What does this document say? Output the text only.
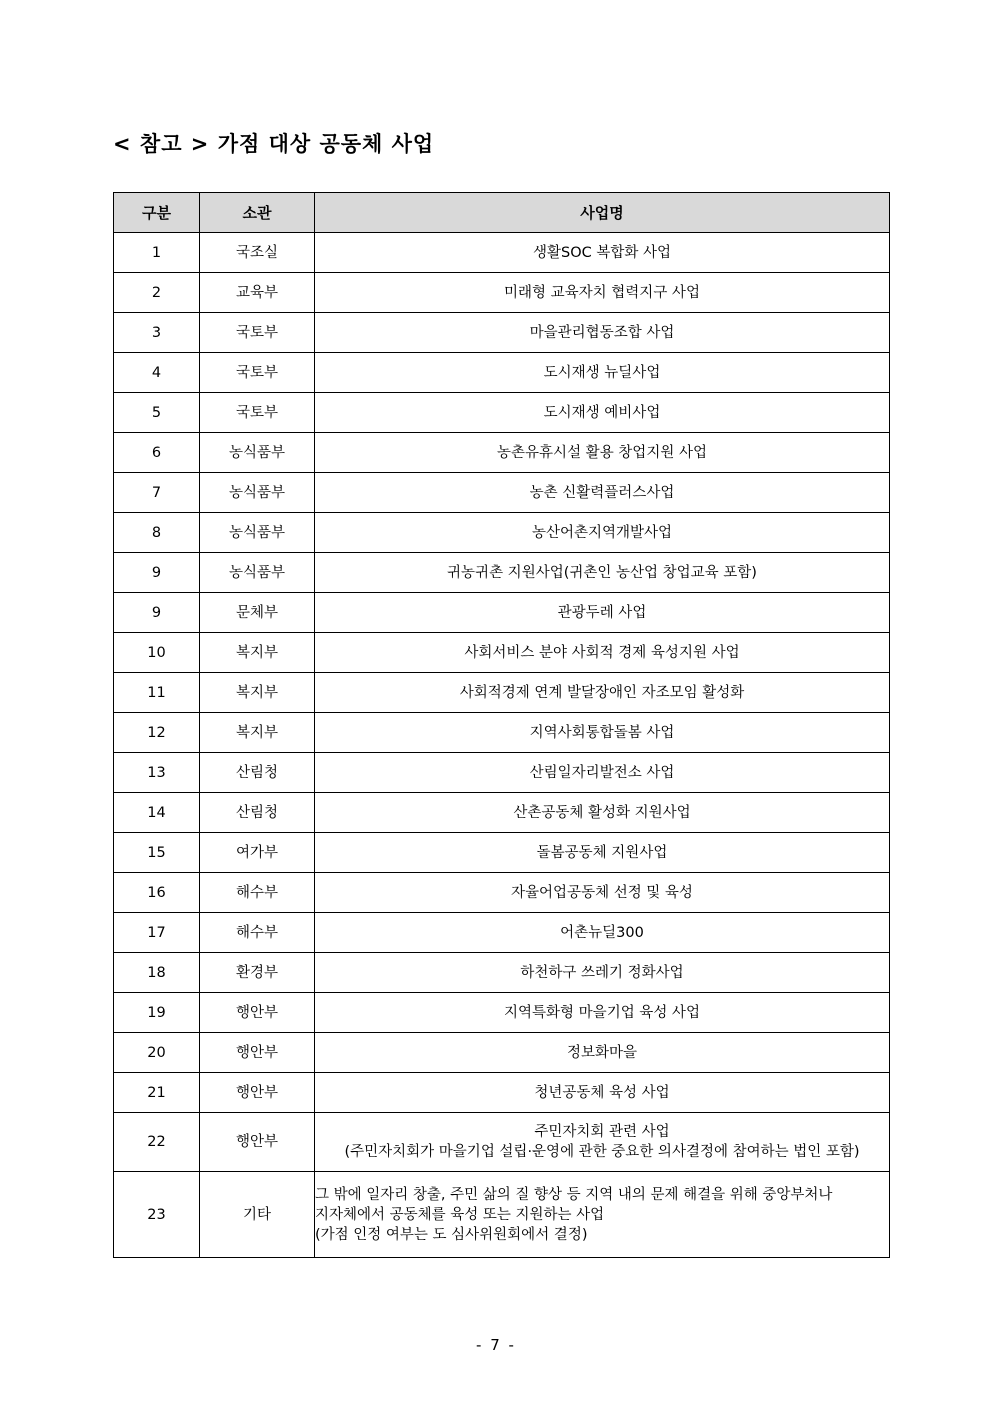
< 참고 > 가점 대상 공동체 사업
구분	소관	사업명
1	국조실	생활SOC 복합화 사업
2	교육부	미래형 교육자치 협력지구 사업
3	국토부	마을관리협동조합 사업
4	국토부	도시재생 뉴딜사업
5	국토부	도시재생 예비사업
6	농식품부	농촌유휴시설 활용 창업지원 사업
7	농식품부	농촌 신활력플러스사업
8	농식품부	농산어촌지역개발사업
9	농식품부	귀농귀촌 지원사업(귀촌인 농산업 창업교육 포함)
9	문체부	관광두레 사업
10	복지부	사회서비스 분야 사회적 경제 육성지원 사업
11	복지부	사회적경제 연계 발달장애인 자조모임 활성화
12	복지부	지역사회통합돌봄 사업
13	산림청	산림일자리발전소 사업
14	산림청	산촌공동체 활성화 지원사업
15	여가부	돌봄공동체 지원사업
16	해수부	자율어업공동체 선정 및 육성
17	해수부	어촌뉴딜300
18	환경부	하천하구 쓰레기 정화사업
19	행안부	지역특화형 마을기업 육성 사업
20	행안부	정보화마을
21	행안부	청년공동체 육성 사업
22	행안부	주민자치회 관련 사업
(주민자치회가 마을기업 설립·운영에 관한 중요한 의사결정에 참여하는 법인 포함)

23	기타	그 밖에 일자리 창출, 주민 삶의 질 향상 등 지역 내의 문제 해결을 위해 중앙부처나
지자체에서 공동체를 육성 또는 지원하는 사업
(가점 인정 여부는 도 심사위원회에서 결정)
- 7 -
